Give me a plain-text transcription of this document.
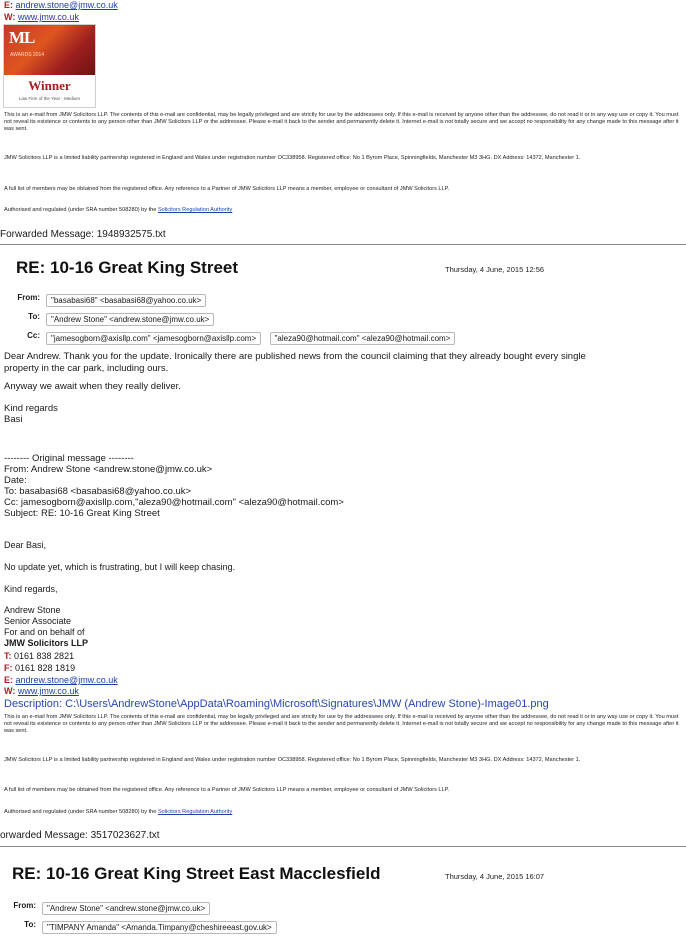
E: andrew.stone@jmw.co.uk
W: www.jmw.co.uk
ML
AWARDS 2014
Winner
Law Firm of the Year - Medium
This is an e-mail from JMW Solicitors LLP. The contents of this e-mail are confidential, may be legally privileged and are strictly for use by the addressees only. If this e-mail is received by anyone other than the addressee, do not read it or in any way use or copy it. You must not reveal its existence or contents to any person other than JMW Solicitors LLP or the addressee. Please e-mail it back to the sender and permanently delete it. Internet e-mail is not totally secure and we accept no responsibility for any change made to this message after it was sent.
JMW Solicitors LLP is a limited liability partnership registered in England and Wales under registration number OC338958. Registered office: No 1 Byrom Place, Spinningfields, Manchester M3 3HG. DX Address: 14372, Manchester 1.
A full list of members may be obtained from the registered office. Any reference to a Partner of JMW Solicitors LLP means a member, employee or consultant of JMW Solicitors LLP.
Authorised and regulated (under SRA number 508280) by the Solicitors Regulation Authority
Forwarded Message: 1948932575.txt
RE: 10-16 Great King Street	Thursday, 4 June, 2015 12:56
From:	"basabasi68" <basabasi68@yahoo.co.uk>
To:	"Andrew Stone" <andrew.stone@jmw.co.uk>
Cc:	"jamesogborn@axisllp.com" <jamesogborn@axisllp.com> "aleza90@hotmail.com" <aleza90@hotmail.com>
Dear Andrew. Thank you for the update. Ironically there are published news from the council claiming that they already bought every single
property in the car park, including ours.
Anyway we await when they really deliver.
Kind regards
Basi
-------- Original message --------
From: Andrew Stone <andrew.stone@jmw.co.uk>
Date:
To: basabasi68 <basabasi68@yahoo.co.uk>
Cc: jamesogborn@axisllp.com,"aleza90@hotmail.com" <aleza90@hotmail.com>
Subject: RE: 10-16 Great King Street
Dear Basi,
No update yet, which is frustrating, but I will keep chasing.
Kind regards,
Andrew Stone
Senior Associate
For and on behalf of
JMW Solicitors LLP
T: 0161 838 2821
F: 0161 828 1819
E: andrew.stone@jmw.co.uk
W: www.jmw.co.uk
Description: C:\Users\AndrewStone\AppData\Roaming\Microsoft\Signatures\JMW (Andrew Stone)-Image01.png
This is an e-mail from JMW Solicitors LLP. The contents of this e-mail are confidential, may be legally privileged and are strictly for use by the addressees only. If this e-mail is received by anyone other than the addressee, do not read it or in any way use or copy it. You must not reveal its existence or contents to any person other than JMW Solicitors LLP or the addressee. Please e-mail it back to the sender and permanently delete it. Internet e-mail is not totally secure and we accept no responsibility for any change made to this message after it was sent.
JMW Solicitors LLP is a limited liability partnership registered in England and Wales under registration number OC338958. Registered office: No 1 Byrom Place, Spinningfields, Manchester M3 3HG. DX Address: 14372, Manchester 1.
A full list of members may be obtained from the registered office. Any reference to a Partner of JMW Solicitors LLP means a member, employee or consultant of JMW Solicitors LLP.
Authorised and regulated (under SRA number 508280) by the Solicitors Regulation Authority
orwarded Message: 3517023627.txt
RE: 10-16 Great King Street East Macclesfield	Thursday, 4 June, 2015 16:07
From:	"Andrew Stone" <andrew.stone@jmw.co.uk>
To:	"TIMPANY Amanda" <Amanda.Timpany@cheshireeast.gov.uk>
